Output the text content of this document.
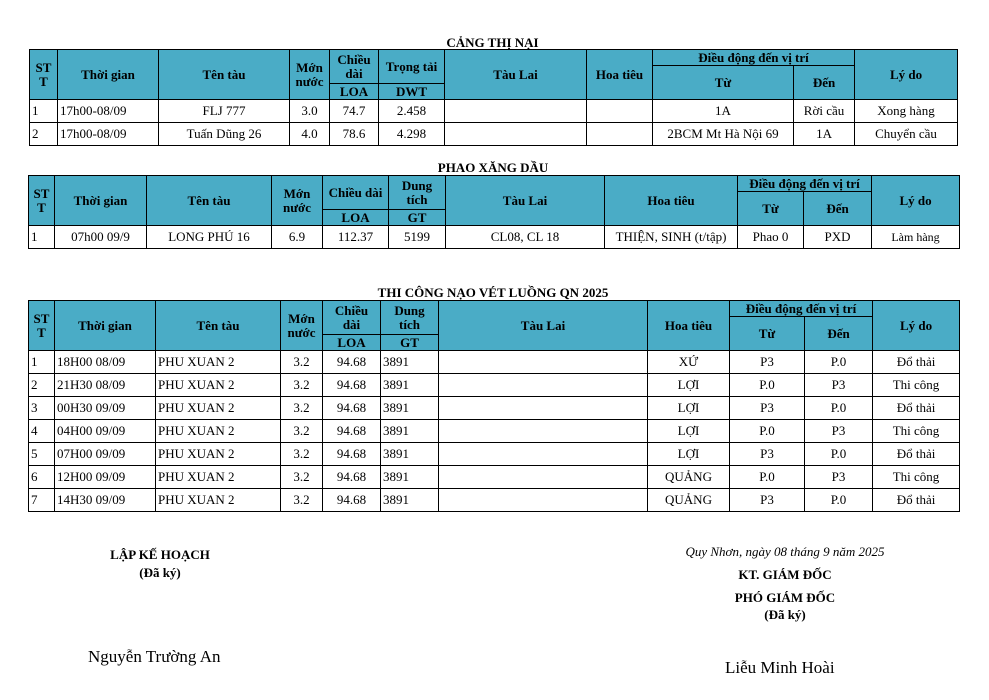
CẢNG THỊ NẠI
STT	Thời gian	Tên tàu	Mớn nước	Chiều dài	Trọng tải	Tàu Lai	Hoa tiêu	Điều động đến vị trí		Lý do
								Từ	Đến	
				LOA	DWT					
1	17h00-08/09	FLJ 777	3.0	74.7	2.458			1A	Rời cầu	Xong hàng
2	17h00-08/09	Tuấn Dũng 26	4.0	78.6	4.298			2BCM Mt Hà Nội 69	1A	Chuyển cầu
PHAO XĂNG DẦU
STT	Thời gian	Tên tàu	Mớn nước	Chiều dài	Dung tích	Tàu Lai	Hoa tiêu	Điều động đến vị trí		Lý do
								Từ	Đến	
				LOA	GT					
1	07h00 09/9	LONG PHÚ 16	6.9	112.37	5199	CL08, CL 18	THIỆN, SINH (t/tập)	Phao 0	PXD	Làm hàng
THI CÔNG NẠO VÉT LUỒNG QN 2025
STT	Thời gian	Tên tàu	Mớn nước	Chiều dài	Dung tích	Tàu Lai	Hoa tiêu	Điều động đến vị trí		Lý do
								Từ	Đến	
				LOA	GT					
1	18H00 08/09	PHU XUAN 2	3.2	94.68	3891		XỨ	P3	P.0	Đổ thải
2	21H30 08/09	PHU XUAN 2	3.2	94.68	3891		LỢI	P.0	P3	Thi công
3	00H30 09/09	PHU XUAN 2	3.2	94.68	3891		LỢI	P3	P.0	Đổ thải
4	04H00 09/09	PHU XUAN 2	3.2	94.68	3891		LỢI	P.0	P3	Thi công
5	07H00 09/09	PHU XUAN 2	3.2	94.68	3891		LỢI	P3	P.0	Đổ thải
6	12H00 09/09	PHU XUAN 2	3.2	94.68	3891		QUẢNG	P.0	P3	Thi công
7	14H30 09/09	PHU XUAN 2	3.2	94.68	3891		QUẢNG	P3	P.0	Đổ thải
LẬP KẾ HOẠCH
(Đã ký)
Nguyễn Trường An
Quy Nhơn, ngày 08 tháng 9 năm 2025
KT. GIÁM ĐỐC
PHÓ GIÁM ĐỐC
(Đã ký)
Liễu Minh Hoài
